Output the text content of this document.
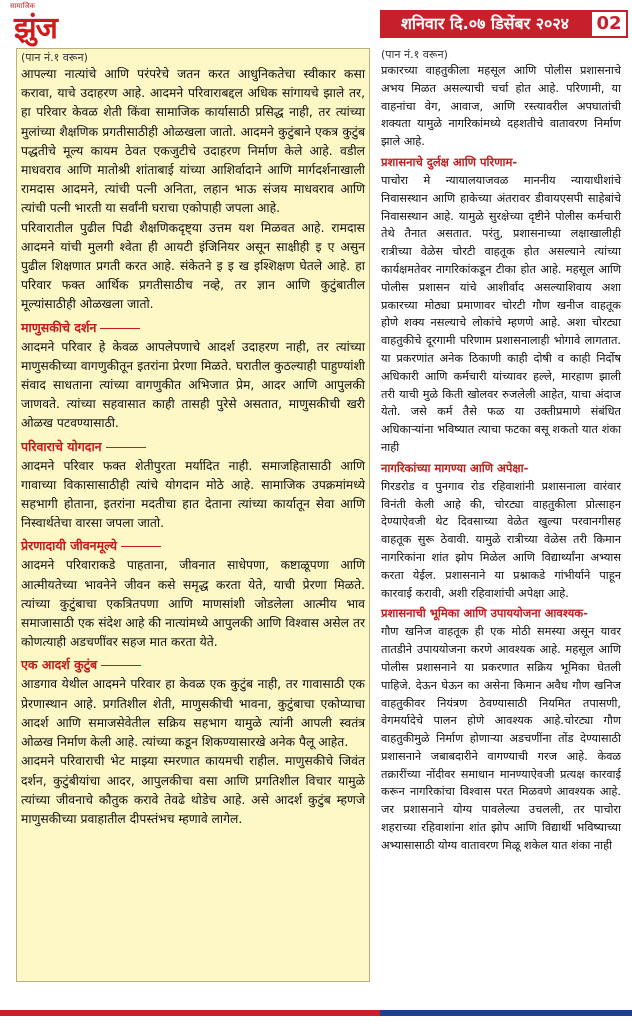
सामाजिक
झुंज	शनिवार दि.०७ डिसेंबर २०२४	02
(पान नं.१ वरून)

आपल्या नात्यांचे आणि परंपरेचे जतन करत आधुनिकतेचा स्वीकार कसा करावा, याचे उदाहरण आहे. आदमने परिवाराबद्दल अधिक सांगायचे झाले तर, हा परिवार केवळ शेती किंवा सामाजिक कार्यासाठी प्रसिद्ध नाही, तर त्यांच्या मुलांच्या शैक्षणिक प्रगतीसाठीही ओळखला जातो. आदमने कुटुंबाने एकत्र कुटुंब पद्धतीचे मूल्य कायम ठेवत एकजुटीचे उदाहरण निर्माण केले आहे. वडील माधवराव आणि मातोश्री शांताबाई यांच्या आशिर्वादाने आणि मार्गदर्शनाखाली रामदास आदमने, त्यांची पत्नी अनिता, लहान भाऊ संजय माधवराव आणि त्यांची पत्नी भारती या सर्वांनी घराचा एकोपाही जपला आहे.

परिवारातील पुढील पिढी शैक्षणिकदृष्ट्या उत्तम यश मिळवत आहे. रामदास आदमने यांची मुलगी श्वेता ही आयटी इंजिनियर असून साक्षीही इ ए असुन पुढील शिक्षणात प्रगती करत आहे. संकेतने इ इ ख इश्शिक्षण घेतले आहे. हा परिवार फक्त आर्थिक प्रगतीसाठीच नव्हे, तर ज्ञान आणि कुटुंबातील मूल्यांसाठीही ओळखला जातो.

माणुसकीचे दर्शन

आदमने परिवार हे केवळ आपलेपणाचे आदर्श उदाहरण नाही, तर त्यांच्या माणुसकीच्या वागणुकीतून इतरांना प्रेरणा मिळते. घरातील कुठल्याही पाहुण्यांशी संवाद साधताना त्यांच्या वागणुकीत अभिजात प्रेम, आदर आणि आपुलकी जाणवते. त्यांच्या सहवासात काही तासही पुरेसे असतात, माणुसकीची खरी ओळख पटवण्यासाठी.

परिवाराचे योगदान

आदमने परिवार फक्त शेतीपुरता मर्यादित नाही. समाजहितासाठी आणि गावाच्या विकासासाठीही त्यांचे योगदान मोठे आहे. सामाजिक उपक्रमांमध्ये सहभागी होताना, इतरांना मदतीचा हात देताना त्यांच्या कार्यातून सेवा आणि निस्वार्थतेचा वारसा जपला जातो.

प्रेरणादायी जीवनमूल्ये

आदमने परिवाराकडे पाहताना, जीवनात साधेपणा, कष्टाळूपणा आणि आत्मीयतेच्या भावनेने जीवन कसे समृद्ध करता येते, याची प्रेरणा मिळते. त्यांच्या कुटुंबाचा एकत्रितपणा आणि माणसांशी जोडलेला आत्मीय भाव समाजासाठी एक संदेश आहे की नात्यांमध्ये आपुलकी आणि विश्वास असेल तर कोणत्याही अडचणींवर सहज मात करता येते.

एक आदर्श कुटुंब

आडगाव येथील आदमने परिवार हा केवळ एक कुटुंब नाही, तर गावासाठी एक प्रेरणास्थान आहे. प्रगतिशील शेती, माणुसकीची भावना, कुटुंबाचा एकोप्याचा आदर्श आणि समाजसेवेतील सक्रिय सहभाग यामुळे त्यांनी आपली स्वतंत्र ओळख निर्माण केली आहे. त्यांच्या कडून शिकण्यासारखे अनेक पैलू आहेत.

आदमने परिवाराची भेट माझ्या स्मरणात कायमची राहील. माणुसकीचे जिवंत दर्शन, कुटुंबीयांचा आदर, आपुलकीचा वसा आणि प्रगतिशील विचार यामुळे त्यांच्या जीवनाचे कौतुक करावे तेवढे थोडेच आहे. असे आदर्श कुटुंब म्हणजे माणुसकीच्या प्रवाहातील दीपस्तंभच म्हणावे लागेल.

(पान नं.१ वरून)

प्रकारच्या वाहतुकीला महसूल आणि पोलीस प्रशासनाचे अभय मिळत असल्याची चर्चा होत आहे. परिणामी, या वाहनांचा वेग, आवाज, आणि रस्त्यावरील अपघातांची शक्यता यामुळे नागरिकांमध्ये दहशतीचे वातावरण निर्माण झाले आहे.

प्रशासनाचे दुर्लक्ष आणि परिणाम-

पाचोरा मे न्यायालयाजवळ माननीय न्यायाधीशांचे निवासस्थान आणि हाकेच्या अंतरावर डीवायएसपी साहेबांचे निवासस्थान आहे. यामुळे सुरक्षेच्या दृष्टीने पोलीस कर्मचारी तेथे तैनात असतात. परंतु, प्रशासनाच्या लक्षाखालीही रात्रीच्या वेळेस चोरटी वाहतूक होत असल्याने त्यांच्या कार्यक्षमतेवर नागरिकांकडून टीका होत आहे. महसूल आणि पोलीस प्रशासन यांचे आशीर्वाद असल्याशिवाय अशा प्रकारच्या मोठ्या प्रमाणावर चोरटी गौण खनीज वाहतूक होणे शक्य नसल्याचे लोकांचे म्हणणे आहे. अशा चोरट्या वाहतुकीचे दूरगामी परिणाम प्रशासनालाही भोगावे लागतात. या प्रकरणांत अनेक ठिकाणी काही दोषी व काही निर्दोष अधिकारी आणि कर्मचारी यांच्यावर हल्ले, मारहाण झाली तरी याची मुळे किती खोलवर रुजलेली आहेत, याचा अंदाज येतो. जसे कर्म तैसे फळ या उक्तीप्रमाणे संबंधित अधिकाऱ्यांना भविष्यात त्याचा फटका बसू शकतो यात शंका नाही

नागरिकांच्या मागण्या आणि अपेक्षा-

गिरडरोड व पुनगाव रोड रहिवाशांनी प्रशासनाला वारंवार विनंती केली आहे की, चोरट्या वाहतुकीला प्रोत्साहन देण्याऐवजी थेट दिवसाच्या वेळेत खुल्या परवानगीसह वाहतूक सुरू ठेवावी. यामुळे रात्रीच्या वेळेस तरी किमान नागरिकांना शांत झोप मिळेल आणि विद्यार्थ्यांना अभ्यास करता येईल. प्रशासनाने या प्रश्नाकडे गांभीर्याने पाहून कारवाई करावी, अशी रहिवाशांची अपेक्षा आहे.

प्रशासनाची भूमिका आणि उपाययोजना आवश्यक-

गौण खनिज वाहतूक ही एक मोठी समस्या असून यावर तातडीने उपाययोजना करणे आवश्यक आहे. महसूल आणि पोलीस प्रशासनाने या प्रकरणात सक्रिय भूमिका घेतली पाहिजे. देऊन घेऊन का असेना किमान अवैध गौण खनिज वाहतुकीवर नियंत्रण ठेवण्यासाठी नियमित तपासणी, वेगमर्यादेचे पालन होणे आवश्यक आहे.चोरट्या गौण वाहतुकीमुळे निर्माण होणाऱ्या अडचणींना तोंड देण्यासाठी प्रशासनाने जबाबदारीने वागण्याची गरज आहे. केवळ तक्रारींच्या नोंदीवर समाधान मानण्याऐवजी प्रत्यक्ष कारवाई करून नागरिकांचा विश्वास परत मिळवणे आवश्यक आहे. जर प्रशासनाने योग्य पावलेल्या उचलली, तर पाचोरा शहराच्या रहिवाशांना शांत झोप आणि विद्यार्थी भविष्याच्या अभ्यासासाठी योग्य वातावरण मिळू शकेल यात शंका नाही
